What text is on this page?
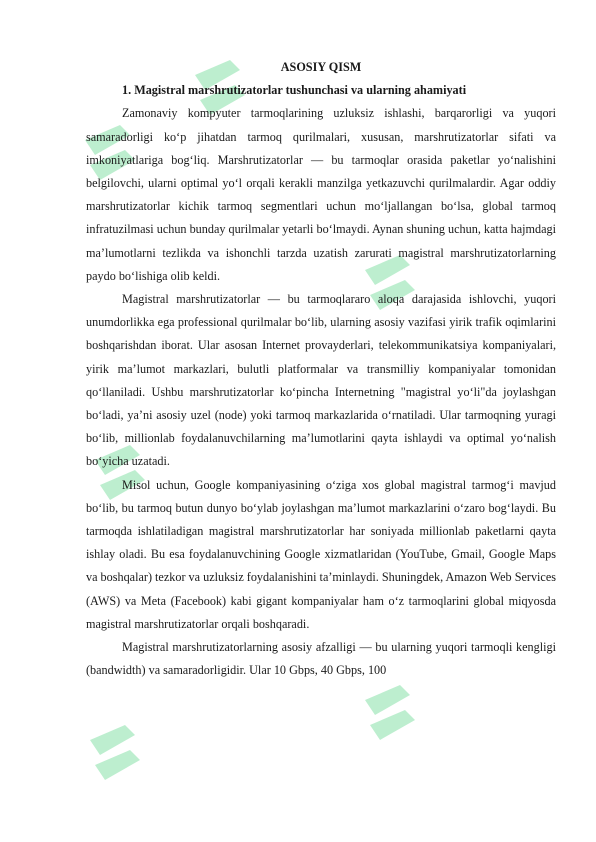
ASOSIY QISM

1. Magistral marshrutizatorlar tushunchasi va ularning ahamiyati

Zamonaviy kompyuter tarmoqlarining uzluksiz ishlashi, barqarorligi va yuqori samaradorligi ko‘p jihatdan tarmoq qurilmalari, xususan, marshrutizatorlar sifati va imkoniyatlariga bog‘liq. Marshrutizatorlar — bu tarmoqlar orasida paketlar yo‘nalishini belgilovchi, ularni optimal yo‘l orqali kerakli manzilga yetkazuvchi qurilmalardir. Agar oddiy marshrutizatorlar kichik tarmoq segmentlari uchun mo‘ljallangan bo‘lsa, global tarmoq infratuzilmasi uchun bunday qurilmalar yetarli bo‘lmaydi. Aynan shuning uchun, katta hajmdagi ma’lumotlarni tezlikda va ishonchli tarzda uzatish zarurati magistral marshrutizatorlarning paydo bo‘lishiga olib keldi.

Magistral marshrutizatorlar — bu tarmoqlararo aloqa darajasida ishlovchi, yuqori unumdorlikka ega professional qurilmalar bo‘lib, ularning asosiy vazifasi yirik trafik oqimlarini boshqarishdan iborat. Ular asosan Internet provayderlari, telekommunikatsiya kompaniyalari, yirik ma’lumot markazlari, bulutli platformalar va transmilliy kompaniyalar tomonidan qo‘llaniladi. Ushbu marshrutizatorlar ko‘pincha Internetning "magistral yo‘li"da joylashgan bo‘ladi, ya’ni asosiy uzel (node) yoki tarmoq markazlarida o‘rnatiladi. Ular tarmoqning yuragi bo‘lib, millionlab foydalanuvchilarning ma’lumotlarini qayta ishlaydi va optimal yo‘nalish bo‘yicha uzatadi.

Misol uchun, Google kompaniyasining o‘ziga xos global magistral tarmog‘i mavjud bo‘lib, bu tarmoq butun dunyo bo‘ylab joylashgan ma’lumot markazlarini o‘zaro bog‘laydi. Bu tarmoqda ishlatiladigan magistral marshrutizatorlar har soniyada millionlab paketlarni qayta ishlay oladi. Bu esa foydalanuvchining Google xizmatlaridan (YouTube, Gmail, Google Maps va boshqalar) tezkor va uzluksiz foydalanishini ta’minlaydi. Shuningdek, Amazon Web Services (AWS) va Meta (Facebook) kabi gigant kompaniyalar ham o‘z tarmoqlarini global miqyosda magistral marshrutizatorlar orqali boshqaradi.

Magistral marshrutizatorlarning asosiy afzalligi — bu ularning yuqori tarmoqli kengligi (bandwidth) va samaradorligidir. Ular 10 Gbps, 40 Gbps, 100
